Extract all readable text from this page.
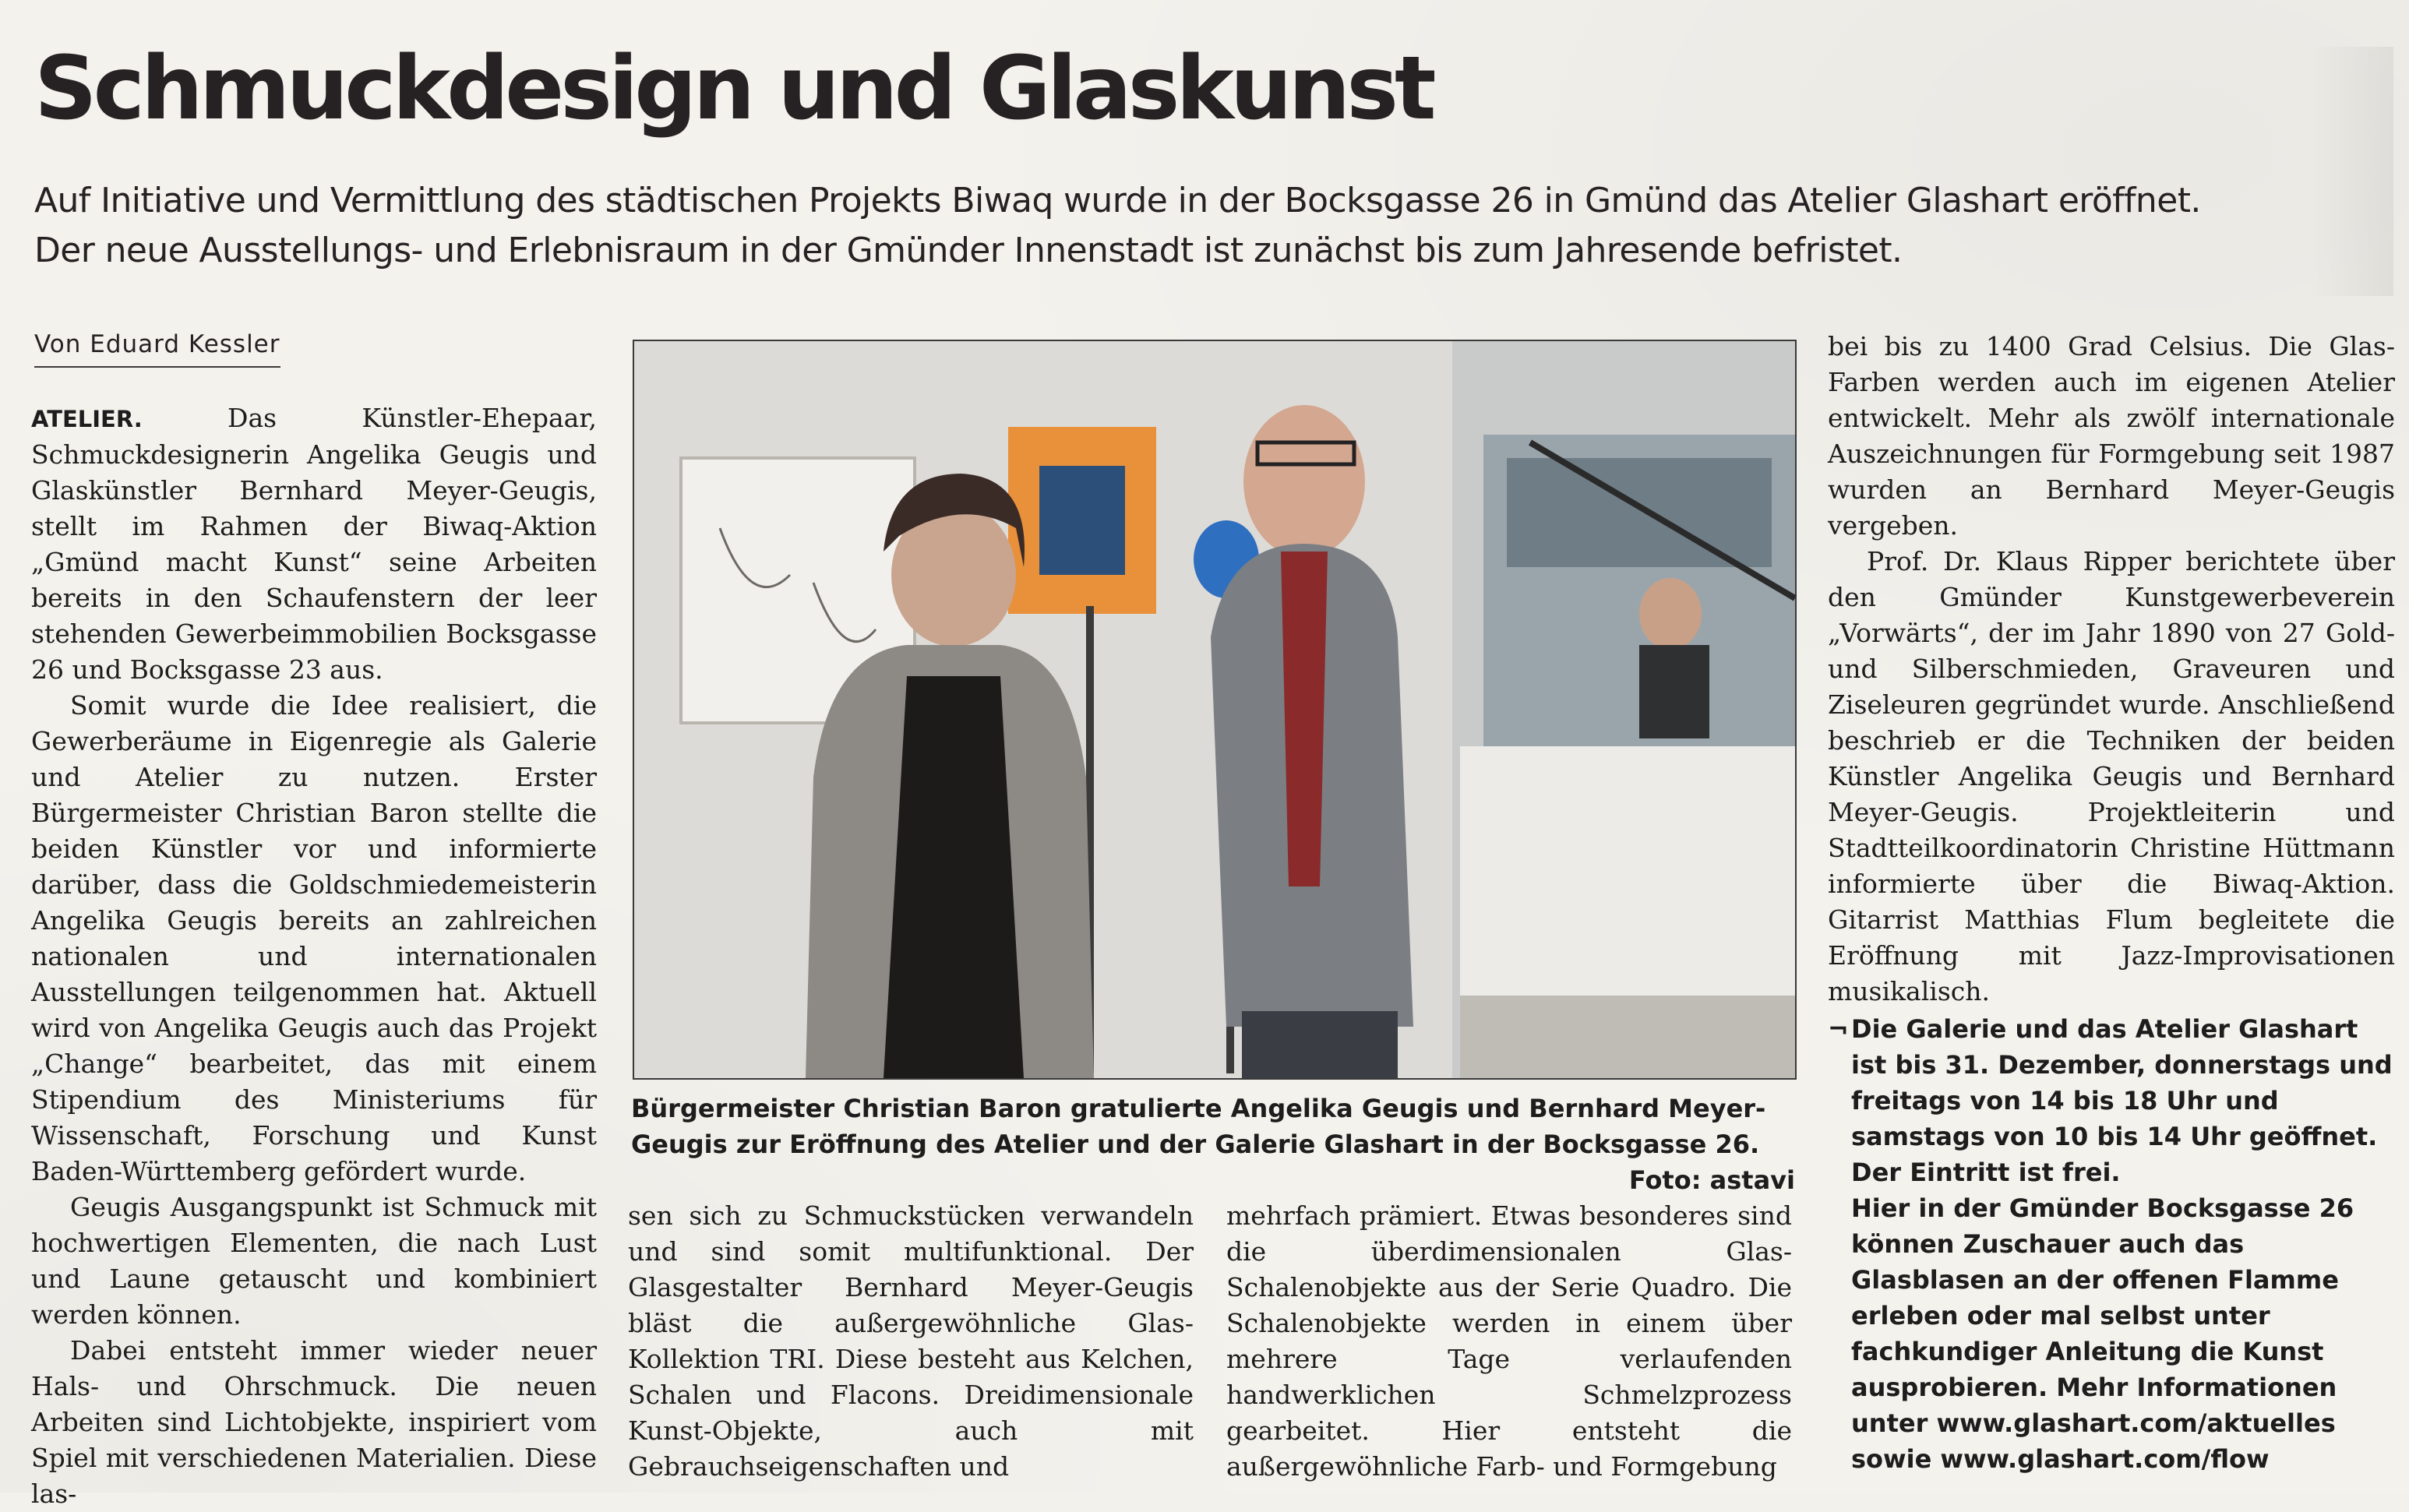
Schmuckdesign und Glaskunst
Auf Initiative und Vermittlung des städtischen Projekts Biwaq wurde in der Bocksgasse 26 in Gmünd das Atelier Glashart eröffnet.
Der neue Ausstellungs- und Erlebnisraum in der Gmünder Innenstadt ist zunächst bis zum Jahresende befristet.
Von Eduard Kessler

ATELIER. Das Künstler-Ehepaar, Schmuckdesignerin Angelika Geugis und Glaskünstler Bernhard Meyer-Geugis, stellt im Rahmen der Biwaq-Aktion „Gmünd macht Kunst“ seine Arbeiten bereits in den Schaufenstern der leer stehenden Gewerbeimmobilien Bocksgasse 26 und Bocksgasse 23 aus.

Somit wurde die Idee realisiert, die Gewerberäume in Eigenregie als Galerie und Atelier zu nutzen. Erster Bürgermeister Christian Baron stellte die beiden Künstler vor und informierte darüber, dass die Goldschmiedemeisterin Angelika Geugis bereits an zahlreichen nationalen und internationalen Ausstellungen teilgenommen hat. Aktuell wird von Angelika Geugis auch das Projekt „Change“ bearbeitet, das mit einem Stipendium des Ministeriums für Wissenschaft, Forschung und Kunst Baden-Württemberg gefördert wurde.

Geugis Ausgangspunkt ist Schmuck mit hochwertigen Elementen, die nach Lust und Laune getauscht und kombiniert werden können.

Dabei entsteht immer wieder neuer Hals- und Ohrschmuck. Die neuen Arbeiten sind Lichtobjekte, inspiriert vom Spiel mit verschiedenen Materialien. Diese las-

Bürgermeister Christian Baron gratulierte Angelika Geugis und Bernhard Meyer-Geugis zur Eröffnung des Atelier und der Galerie Glashart in der Bocksgasse 26.
Foto: astavi

sen sich zu Schmuckstücken verwandeln und sind somit multifunktional. Der Glasgestalter Bernhard Meyer-Geugis bläst die außergewöhnliche Glas-Kollektion TRI. Diese besteht aus Kelchen, Schalen und Flacons. Dreidimensionale Kunst-Objekte, auch mit Gebrauchseigenschaften und

mehrfach prämiert. Etwas besonderes sind die überdimensionalen Glas-Schalenobjekte aus der Serie Quadro. Die Schalenobjekte werden in einem über mehrere Tage verlaufenden handwerklichen Schmelzprozess gearbeitet. Hier entsteht die außergewöhnliche Farb- und Formgebung

bei bis zu 1400 Grad Celsius. Die Glas-Farben werden auch im eigenen Atelier entwickelt. Mehr als zwölf internationale Auszeichnungen für Formgebung seit 1987 wurden an Bernhard Meyer-Geugis vergeben.

Prof. Dr. Klaus Ripper berichtete über den Gmünder Kunstgewerbeverein „Vorwärts“, der im Jahr 1890 von 27 Gold- und Silberschmieden, Graveuren und Ziseleuren gegründet wurde. Anschließend beschrieb er die Techniken der beiden Künstler Angelika Geugis und Bernhard Meyer-Geugis. Projektleiterin und Stadtteilkoordinatorin Christine Hüttmann informierte über die Biwaq-Aktion. Gitarrist Matthias Flum begleitete die Eröffnung mit Jazz-Improvisationen musikalisch.

¬ Die Galerie und das Atelier Glashart ist bis 31. Dezember, donnerstags und freitags von 14 bis 18 Uhr und samstags von 10 bis 14 Uhr geöffnet. Der Eintritt ist frei.

Hier in der Gmünder Bocksgasse 26 können Zuschauer auch das Glasblasen an der offenen Flamme erleben oder mal selbst unter fachkundiger Anleitung die Kunst ausprobieren. Mehr Informationen unter www.glashart.com/aktuelles sowie www.glashart.com/flow
